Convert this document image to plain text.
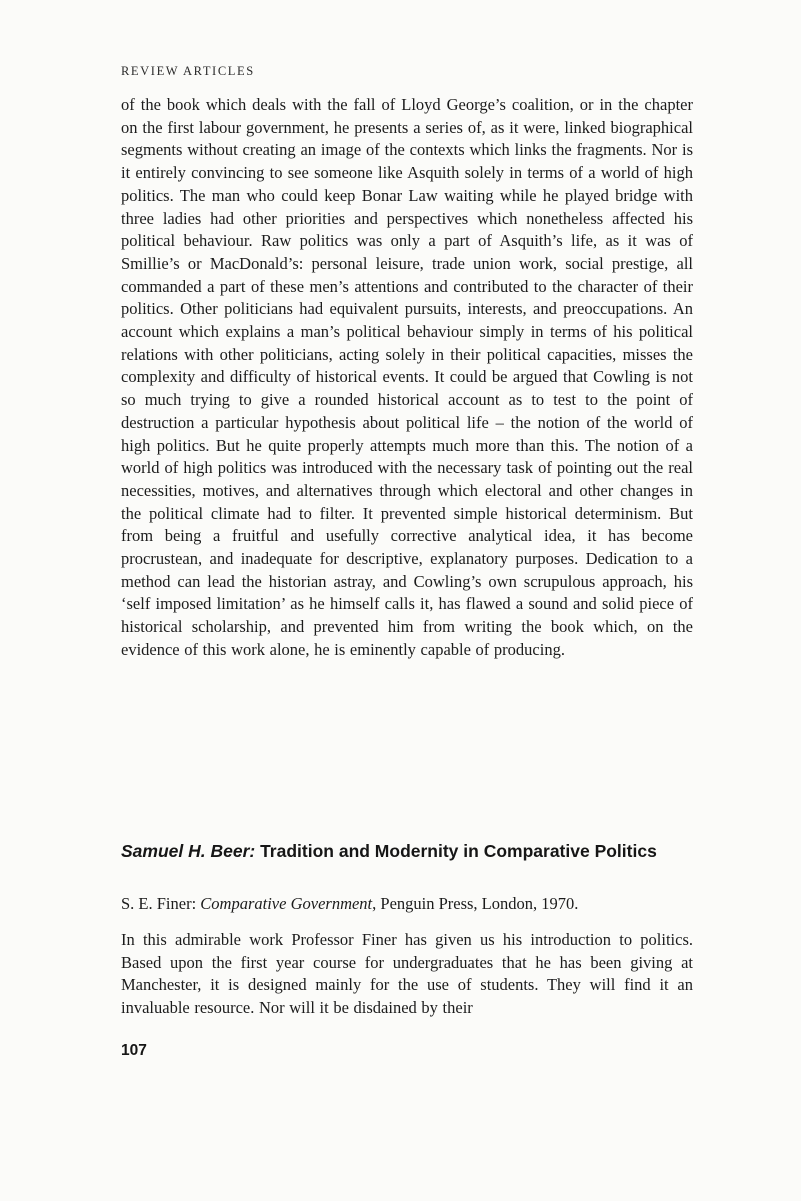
REVIEW ARTICLES

of the book which deals with the fall of Lloyd George’s coalition, or in the chapter on the first labour government, he presents a series of, as it were, linked biographical segments without creating an image of the contexts which links the fragments. Nor is it entirely convincing to see someone like Asquith solely in terms of a world of high politics. The man who could keep Bonar Law waiting while he played bridge with three ladies had other priorities and perspectives which nonetheless affected his political behaviour. Raw politics was only a part of Asquith’s life, as it was of Smillie’s or MacDonald’s: personal leisure, trade union work, social prestige, all commanded a part of these men’s attentions and contributed to the character of their politics. Other politicians had equivalent pursuits, interests, and preoccupations. An account which explains a man’s political behaviour simply in terms of his political relations with other politicians, acting solely in their political capacities, misses the complexity and difficulty of historical events. It could be argued that Cowling is not so much trying to give a rounded historical account as to test to the point of destruction a particular hypothesis about political life – the notion of the world of high politics. But he quite properly attempts much more than this. The notion of a world of high politics was introduced with the necessary task of pointing out the real necessities, motives, and alternatives through which electoral and other changes in the political climate had to filter. It prevented simple historical determinism. But from being a fruitful and usefully corrective analytical idea, it has become procrustean, and inadequate for descriptive, explanatory purposes. Dedication to a method can lead the historian astray, and Cowling’s own scrupulous approach, his ‘self imposed limitation’ as he himself calls it, has flawed a sound and solid piece of historical scholarship, and prevented him from writing the book which, on the evidence of this work alone, he is eminently capable of producing.

Samuel H. Beer: Tradition and Modernity in Comparative Politics

S. E. Finer: Comparative Government, Penguin Press, London, 1970.

In this admirable work Professor Finer has given us his introduction to politics. Based upon the first year course for undergraduates that he has been giving at Manchester, it is designed mainly for the use of students. They will find it an invaluable resource. Nor will it be disdained by their

107
